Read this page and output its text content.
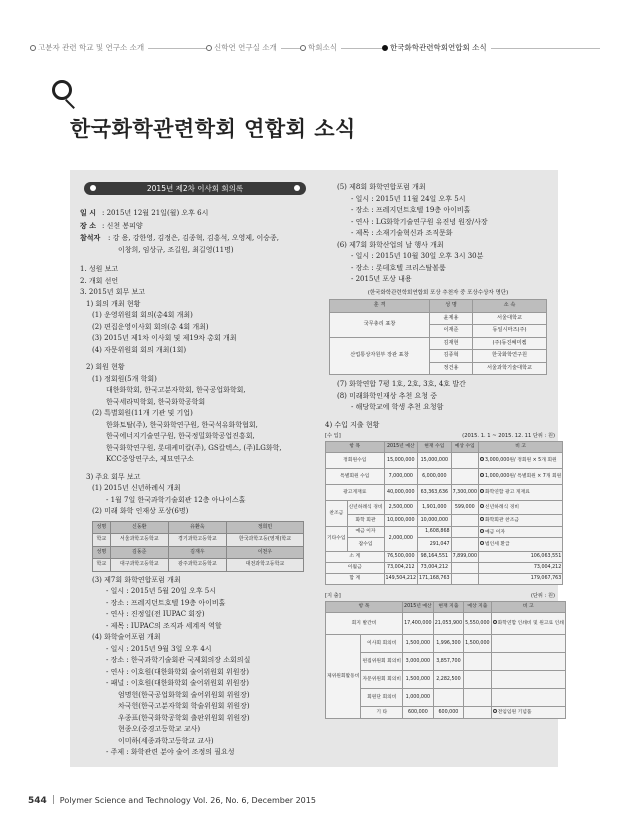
고분자 관련 학교 및 연구소 소개	신학연 연구실 소개	학회소식	한국화학관련학회연합회 소식
한국화학관련학회 연합회 소식
2015년 제2차 이사회 회의록
일 시 : 2015년 12월 21일(월) 오후 6시
장 소 : 신천 봉피양
참석자 : 강 용, 강한영, 김정은, 김종혁, 김흥석, 오영제, 이승종,
이창희, 임상규, 조길원, 최길영(11명)
1. 성원 보고
2. 개회 선언
3. 2015년 회무 보고
1) 회의 개최 현황
(1) 운영위원회 회의(총4회 개최)
(2) 편집운영이사회 회의(총 4회 개최)
(3) 2015년 제1차 이사회 및 제19차 총회 개최
(4) 자문위원회 회의 개최(1회)
2) 회원 현황
(1) 정회원(5개 학회)
대한화학회, 한국고분자학회, 한국공업화학회,
한국세라믹학회, 한국화학공학회
(2) 특별회원(11개 기관 및 기업)
한화토탈(주), 한국화학연구원, 한국석유화학협회,
한국에너지기술연구원, 한국정밀화학공업진흥회,
한국화학연구원, 롯데케미칼(주), GS칼텍스, (주)LG화학,
KCC중앙연구소, 제묘연구소
3) 주요 회무 보고
(1) 2015년 신년하례식 개최
- 1월 7일 한국과학기술회관 12층 아나이스홀
(2) 미래 화학 인재상 포상(6명)
성명	신동환	유환욱	정희민
학교	서울과학고등학교	경기과학고등학교	한국과학고등(영재)학교
성명	김동준	김재우	이천우
학교	대구과학고등학교	광주과학고등학교	대전과학고등학교
(3) 제7회 화학연합포럼 개최
- 일시 : 2015년 5월 20일 오후 5시
- 장소 : 프레지던트호텔 19층 아이비홀
- 연사 : 진정일(전 IUPAC 회장)
- 제목 : IUPAC의 조직과 세계적 역할
(4) 화학술어포럼 개최
- 일시 : 2015년 9월 3일 오후 4시
- 장소 : 한국과학기술회관 국제회의장 소회의실
- 연사 : 이호원(대한화학회 술어위원회 위원장)
- 패널 : 이호원(대한화학회 술어위원회 위원장)
엄명헌(한국공업화학회 술어위원회 위원장)
차국헌(한국고분자학회 학술위원회 위원장)
우종표(한국화학공학회 출판위원회 위원장)
현종오(중경고등학교 교사)
이미하(세종과학고등학교 교사)
- 주제 : 화학관련 분야 술어 조정의 필요성
(5) 제8회 화학연합포럼 개최
- 일시 : 2015년 11월 24일 오후 5시
- 장소 : 프레지던트호텔 19층 아이비홀
- 연사 : LG화학기술연구원 유진녕 원장/사장
- 제목 : 소재기술혁신과 조직문화
(6) 제7회 화학산업의 날 행사 개최
- 일시 : 2015년 10월 30일 오후 3시 30분
- 장소 : 롯데호텔 크리스탈볼룸
- 2015년 포상 내용
(한국화학관련학회연합회 포상 추천자 중 포상수상자 명단)		
훈 격	성 명	소 속
국무총리 표창	윤제용	서울대학교
	이재준	동일시마즈(주)
산업통상자원부 장관 표창	김재현	(주)동진쎄미켐
	김종혁	한국화학연구원
	정건용	서울과학기술대학교
(7) 화학연합 7평 1호, 2호, 3호, 4호 발간
(8) 미래화학인재상 추천 요청 중
- 해당학교에 학생 추천 요청함
4) 수입 지출 현황
[수 입]	(2015. 1. 1 ~ 2015. 12. 11 단위 : 원)
항 목		2015년 예산	현재 수입	예상 수입	비 고
정회원수입		15,000,000	15,000,000		3,000,000원/ 정회원 × 5개 회원
특별회원 수입		7,000,000	6,000,000		1,000,000원/ 특별회원 × 7개 회원
광고게재료		40,000,000	63,363,636	7,300,000	화학연합 광고 게재료
찬조금	신년하례식 경비	2,500,000	1,901,000	599,000	신년하례식 경비
	화학 회관	10,000,000	10,000,000		화학회관 찬조금
기타수입	예금 이자	2,000,000	1,608,868		예금 이자
	잡수입		291,047		법인세 환급
소 계		76,500,000	98,164,551	7,899,000	106,063,551
이월금		73,004,212	73,004,212		73,004,212
합 계		149,504,212	171,168,763		179,067,763
[지 출]	(단위 : 원)
항 목		2015년 예산	현재 지출	예상 지출	비 고
회지 발간비		17,400,000	21,053,900	5,550,000	화학연합 인쇄비 및 원고료 인쇄
제위원회활동비	이사회 회의비	1,500,000	1,996,300	1,500,000	
	편집위원회 회의비	3,000,000	3,857,700		
	자문위원회 회의비	1,500,000	2,282,500		
	회원단 회의비	1,000,000			
	기 타	600,000	600,000		전임임원 기념품
544 Polymer Science and Technology Vol. 26, No. 6, December 2015
